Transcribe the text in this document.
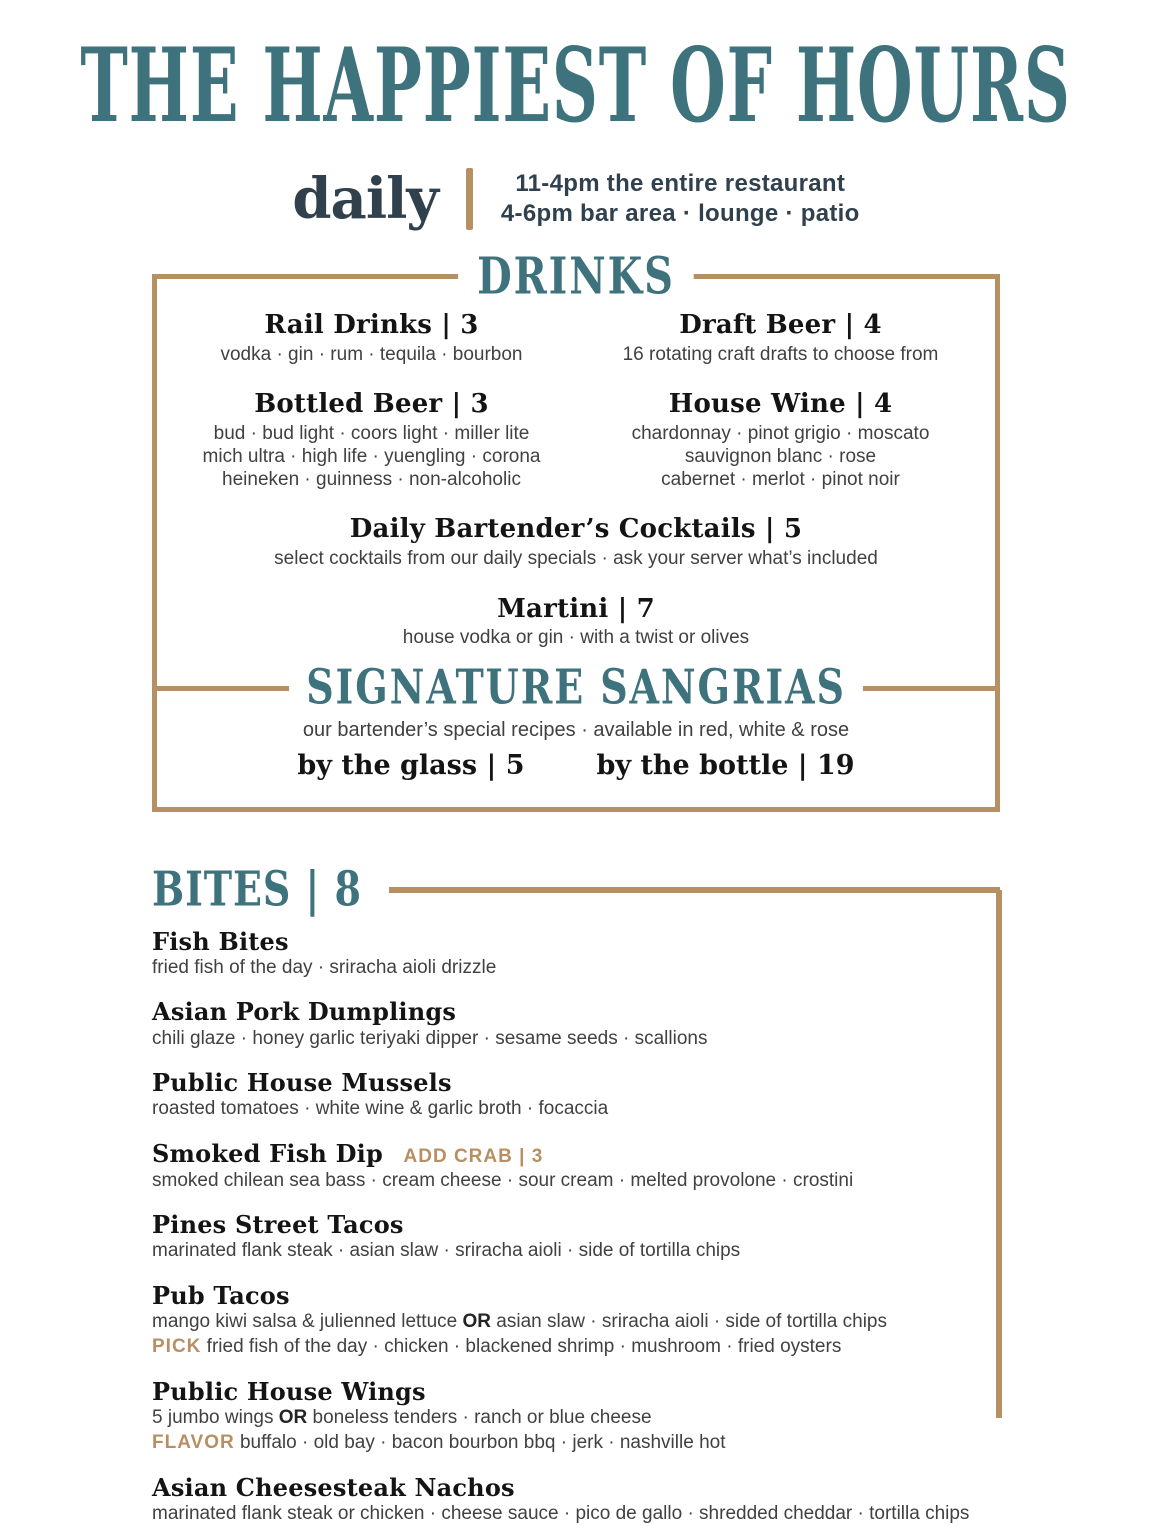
THE HAPPIEST OF HOURS
daily	11-4pm the entire restaurant
4-6pm bar area · lounge · patio
DRINKS
Rail Drinks | 3
vodka · gin · rum · tequila · bourbon
Draft Beer | 4
16 rotating craft drafts to choose from
Bottled Beer | 3
bud · bud light · coors light · miller lite
mich ultra · high life · yuengling · corona
heineken · guinness · non-alcoholic
House Wine | 4
chardonnay · pinot grigio · moscato
sauvignon blanc · rose
cabernet · merlot · pinot noir
Daily Bartender’s Cocktails | 5
select cocktails from our daily specials · ask your server what’s included
Martini | 7
house vodka or gin · with a twist or olives
SIGNATURE SANGRIAS
our bartender’s special recipes · available in red, white & rose
by the glass | 5	by the bottle | 19
BITES | 8
Fish Bites
fried fish of the day · sriracha aioli drizzle
Asian Pork Dumplings
chili glaze · honey garlic teriyaki dipper · sesame seeds · scallions
Public House Mussels
roasted tomatoes · white wine & garlic broth · focaccia
Smoked Fish Dip ADD CRAB | 3
smoked chilean sea bass · cream cheese · sour cream · melted provolone · crostini
Pines Street Tacos
marinated flank steak · asian slaw · sriracha aioli · side of tortilla chips
Pub Tacos
mango kiwi salsa & julienned lettuce OR asian slaw · sriracha aioli · side of tortilla chips
PICK fried fish of the day · chicken · blackened shrimp · mushroom · fried oysters
Public House Wings
5 jumbo wings OR boneless tenders · ranch or blue cheese
FLAVOR buffalo · old bay · bacon bourbon bbq · jerk · nashville hot
Asian Cheesesteak Nachos
marinated flank steak or chicken · cheese sauce · pico de gallo · shredded cheddar · tortilla chips
